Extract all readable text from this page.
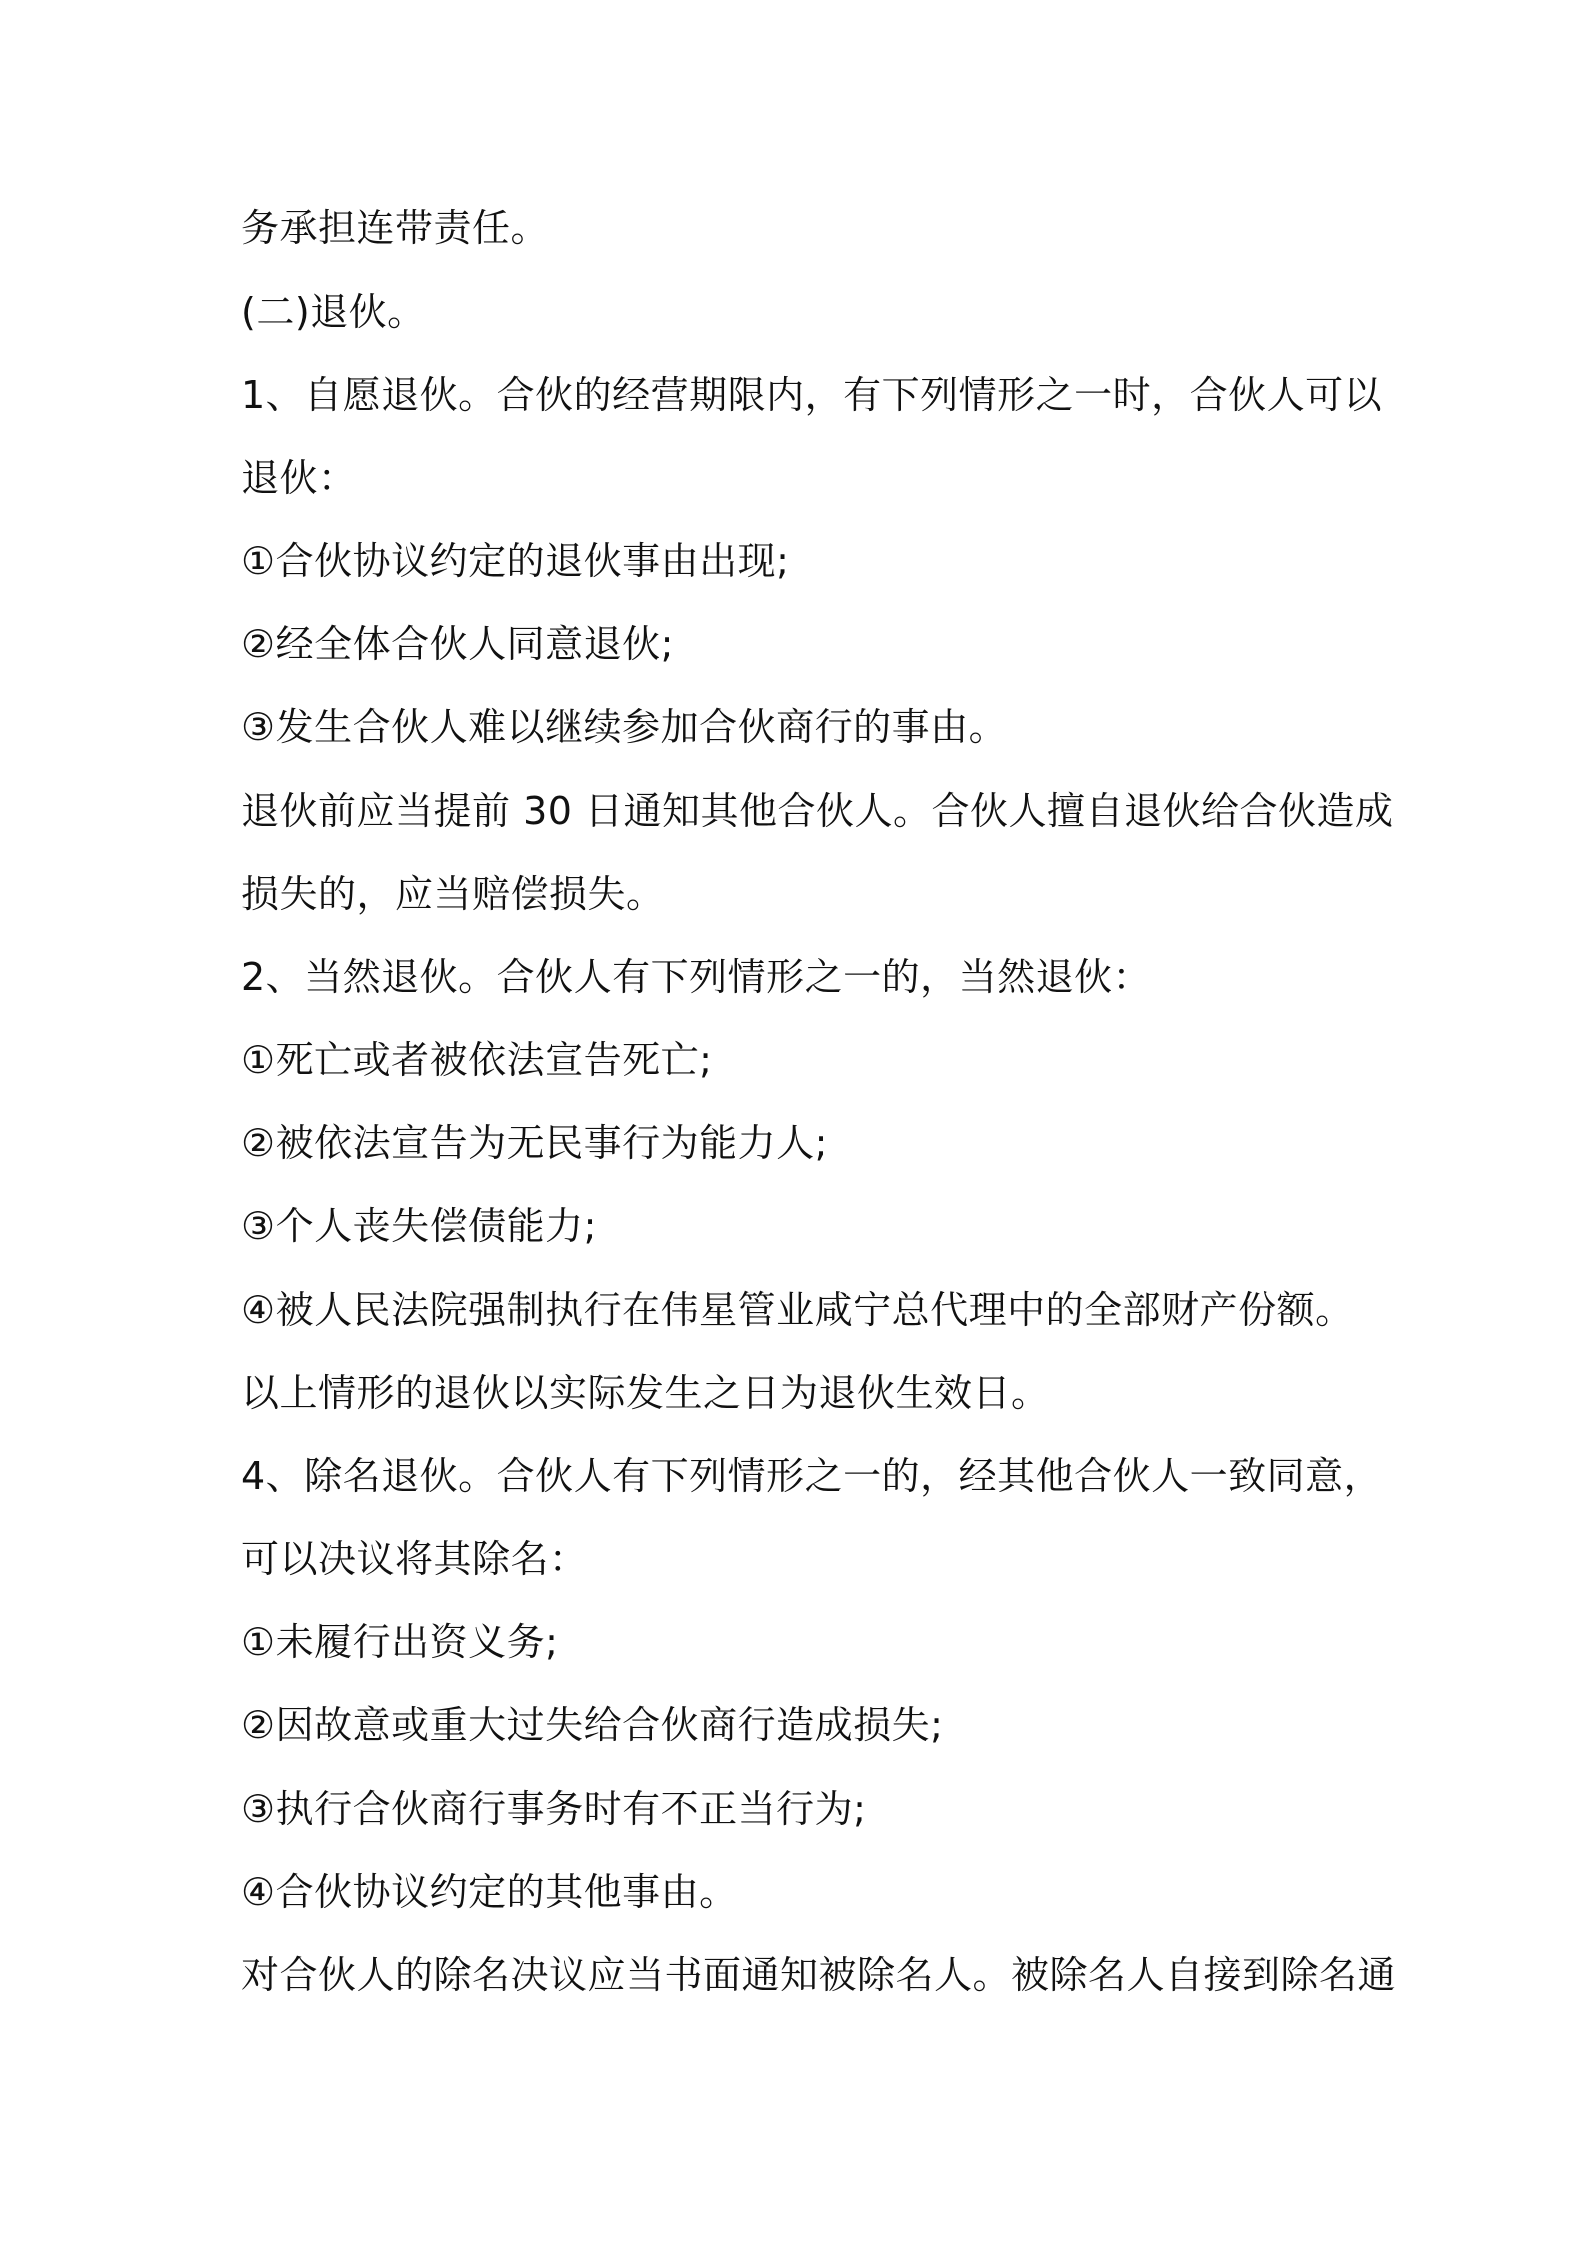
务承担连带责任。

(二)退伙。

1、自愿退伙。合伙的经营期限内，有下列情形之一时，合伙人可以

退伙：

①合伙协议约定的退伙事由出现;

②经全体合伙人同意退伙;

③发生合伙人难以继续参加合伙商行的事由。

退伙前应当提前 30 日通知其他合伙人。合伙人擅自退伙给合伙造成

损失的，应当赔偿损失。

2、当然退伙。合伙人有下列情形之一的，当然退伙：

①死亡或者被依法宣告死亡;

②被依法宣告为无民事行为能力人;

③个人丧失偿债能力;

④被人民法院强制执行在伟星管业咸宁总代理中的全部财产份额。

以上情形的退伙以实际发生之日为退伙生效日。

4、除名退伙。合伙人有下列情形之一的，经其他合伙人一致同意，

可以决议将其除名：

①未履行出资义务;

②因故意或重大过失给合伙商行造成损失;

③执行合伙商行事务时有不正当行为;

④合伙协议约定的其他事由。

对合伙人的除名决议应当书面通知被除名人。被除名人自接到除名通
